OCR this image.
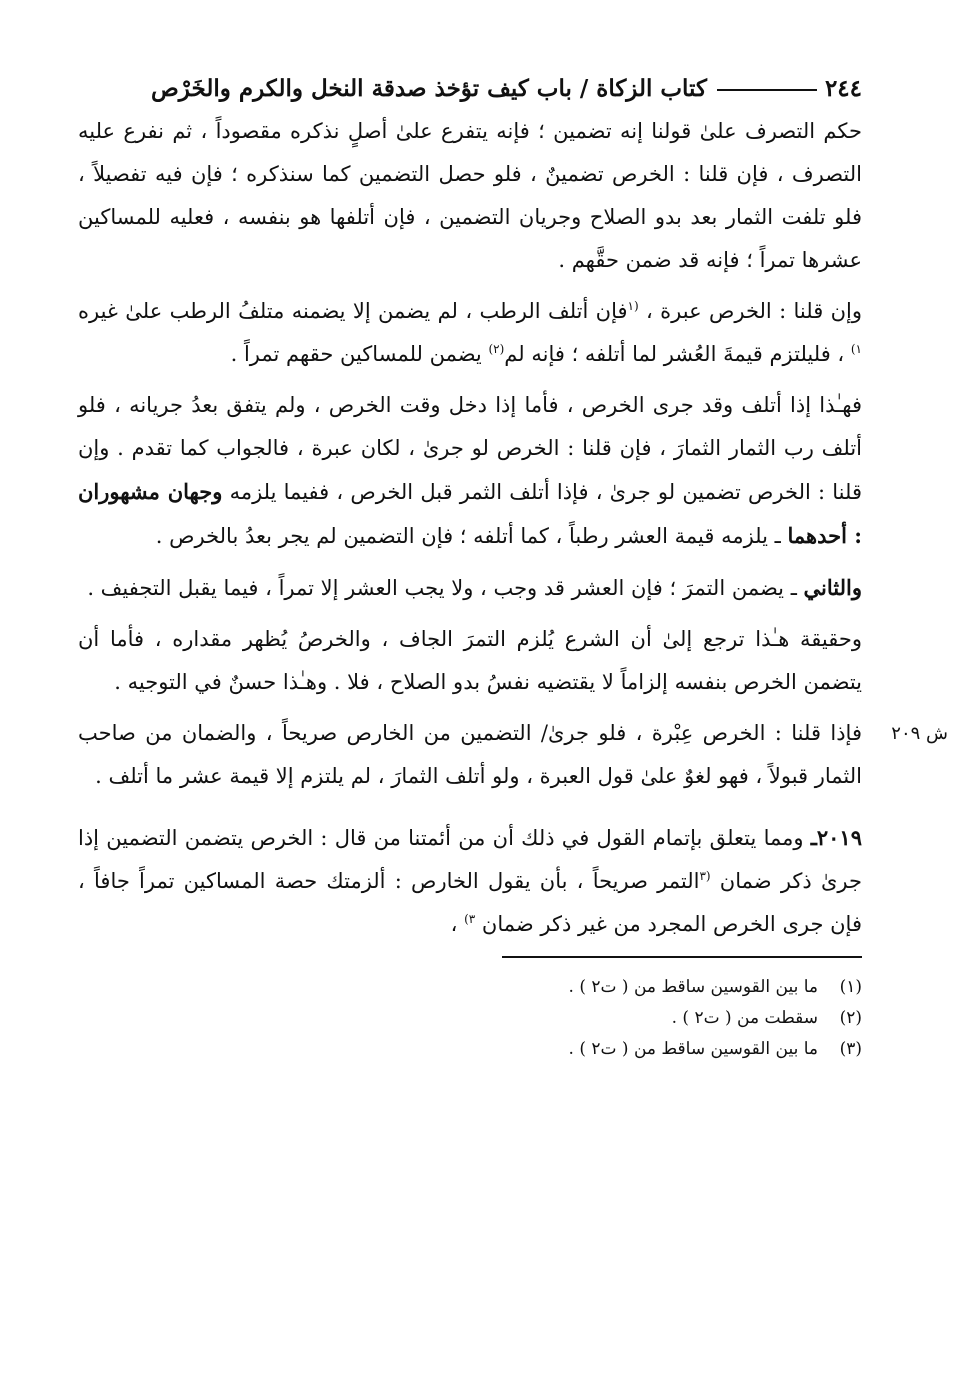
٢٤٤
كتاب الزكاة / باب كيف تؤخذ صدقة النخل والكرم والخَرْص

حكم التصرف علىٰ قولنا إنه تضمين ؛ فإنه يتفرع علىٰ أصلٍ نذكره مقصوداً ، ثم نفرع عليه التصرف ، فإن قلنا : الخرص تضمينٌ ، فلو حصل التضمين كما سنذكره ؛ فإن فيه تفصيلاً ، فلو تلفت الثمار بعد بدو الصلاح وجريان التضمين ، فإن أتلفها هو بنفسه ، فعليه للمساكين عشرها تمراً ؛ فإنه قد ضمن حقَّهم .

وإن قلنا : الخرص عبرة ، $^{(١}$فإن أتلف الرطب ، لم يضمن إلا يضمنه متلفُ الرطب علىٰ غيره $^{١)}$ ، فليلتزم قيمةَ العُشر لما أتلفه ؛ فإنه لم$^{(٢)}$ يضمن للمساكين حقهم تمراً .

فهـٰذا إذا أتلف وقد جرى الخرص ، فأما إذا دخل وقت الخرص ، ولم يتفق بعدُ جريانه ، فلو أتلف رب الثمار الثمارَ ، فإن قلنا : الخرص لو جرىٰ ، لكان عبرة ، فالجواب كما تقدم . وإن قلنا : الخرص تضمين لو جرىٰ ، فإذا أتلف الثمر قبل الخرص ، ففيما يلزمه وجهان مشهوران : أحدهما ـ يلزمه قيمة العشر رطباً ، كما أتلفه ؛ فإن التضمين لم يجر بعدُ بالخرص .

والثاني ـ يضمن التمرَ ؛ فإن العشر قد وجب ، ولا يجب العشر إلا تمراً ، فيما يقبل التجفيف .

وحقيقة هـٰذا ترجع إلىٰ أن الشرع يُلزم التمرَ الجاف ، والخرصُ يُظهر مقداره ، فأما أن يتضمن الخرص بنفسه إلزاماً لا يقتضيه نفسُ بدو الصلاح ، فلا . وهـٰذا حسنٌ في التوجيه .

ش ٢٠٩

فإذا قلنا : الخرص عِبْرة ، فلو جرىٰ/ التضمين من الخارص صريحاً ، والضمان من صاحب الثمار قبولاً ، فهو لغوٌ علىٰ قول العبرة ، ولو أتلف الثمارَ ، لم يلتزم إلا قيمة عشر ما أتلف .

٢٠١٩ـ ومما يتعلق بإتمام القول في ذلك أن من أئمتنا من قال : الخرص يتضمن التضمين إذا جرىٰ ذكر ضمان $^{(٣}$التمر صريحاً ، بأن يقول الخارص : ألزمتك حصة المساكين تمراً جافاً ، فإن جرى الخرص المجرد من غير ذكر ضمان $^{٣)}$ ،

(١)
ما بين القوسين ساقط من ( ت٢ ) .
(٢)
سقطت من ( ت٢ ) .
(٣)
ما بين القوسين ساقط من ( ت٢ ) .
